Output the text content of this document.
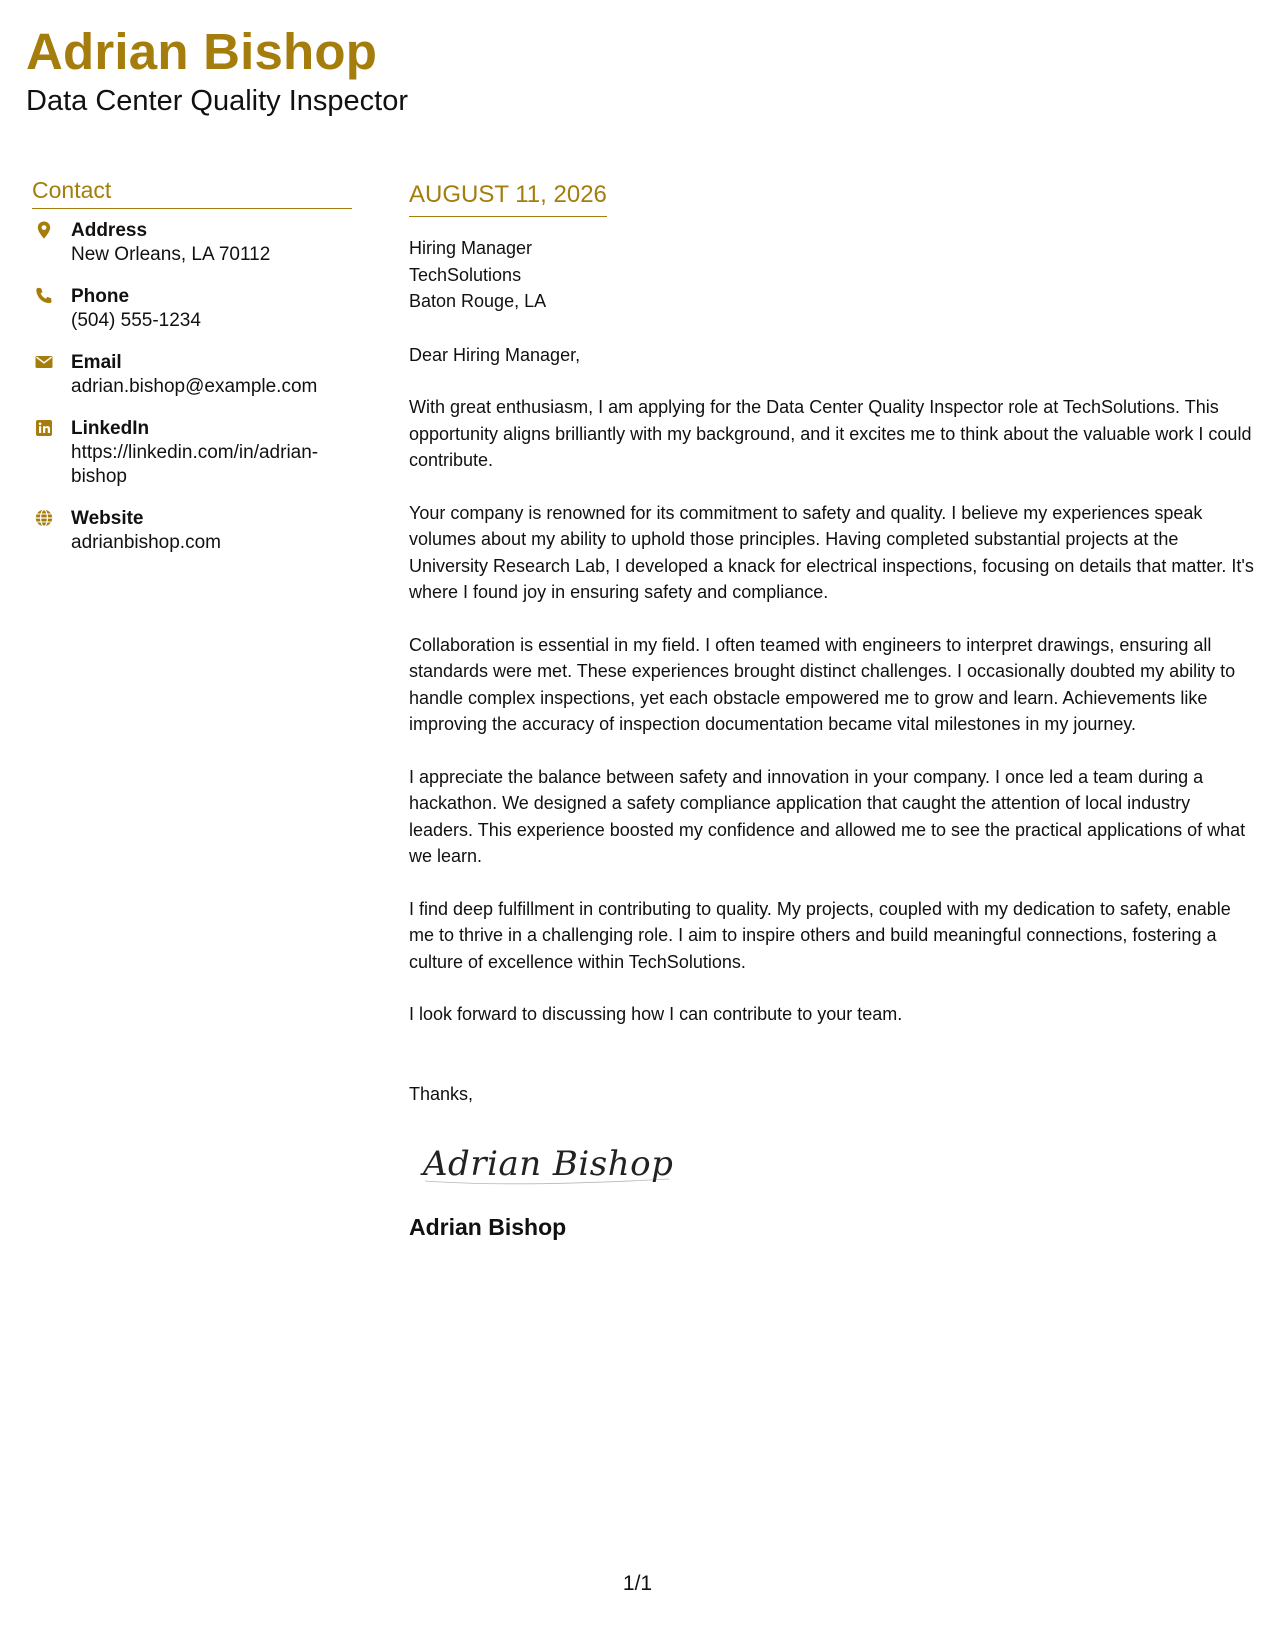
Adrian Bishop
Data Center Quality Inspector
Contact
Address
New Orleans, LA 70112
Phone
(504) 555-1234
Email
adrian.bishop@example.com
LinkedIn
https://linkedin.com/in/adrian-bishop
Website
adrianbishop.com
AUGUST 11, 2026
Hiring Manager
TechSolutions
Baton Rouge, LA
Dear Hiring Manager,
With great enthusiasm, I am applying for the Data Center Quality Inspector role at TechSolutions. This opportunity aligns brilliantly with my background, and it excites me to think about the valuable work I could contribute.
Your company is renowned for its commitment to safety and quality. I believe my experiences speak volumes about my ability to uphold those principles. Having completed substantial projects at the University Research Lab, I developed a knack for electrical inspections, focusing on details that matter. It's where I found joy in ensuring safety and compliance.
Collaboration is essential in my field. I often teamed with engineers to interpret drawings, ensuring all standards were met. These experiences brought distinct challenges. I occasionally doubted my ability to handle complex inspections, yet each obstacle empowered me to grow and learn. Achievements like improving the accuracy of inspection documentation became vital milestones in my journey.
I appreciate the balance between safety and innovation in your company. I once led a team during a hackathon. We designed a safety compliance application that caught the attention of local industry leaders. This experience boosted my confidence and allowed me to see the practical applications of what we learn.
I find deep fulfillment in contributing to quality. My projects, coupled with my dedication to safety, enable me to thrive in a challenging role. I aim to inspire others and build meaningful connections, fostering a culture of excellence within TechSolutions.
I look forward to discussing how I can contribute to your team.
Thanks,
Adrian Bishop
Adrian Bishop
1/1
